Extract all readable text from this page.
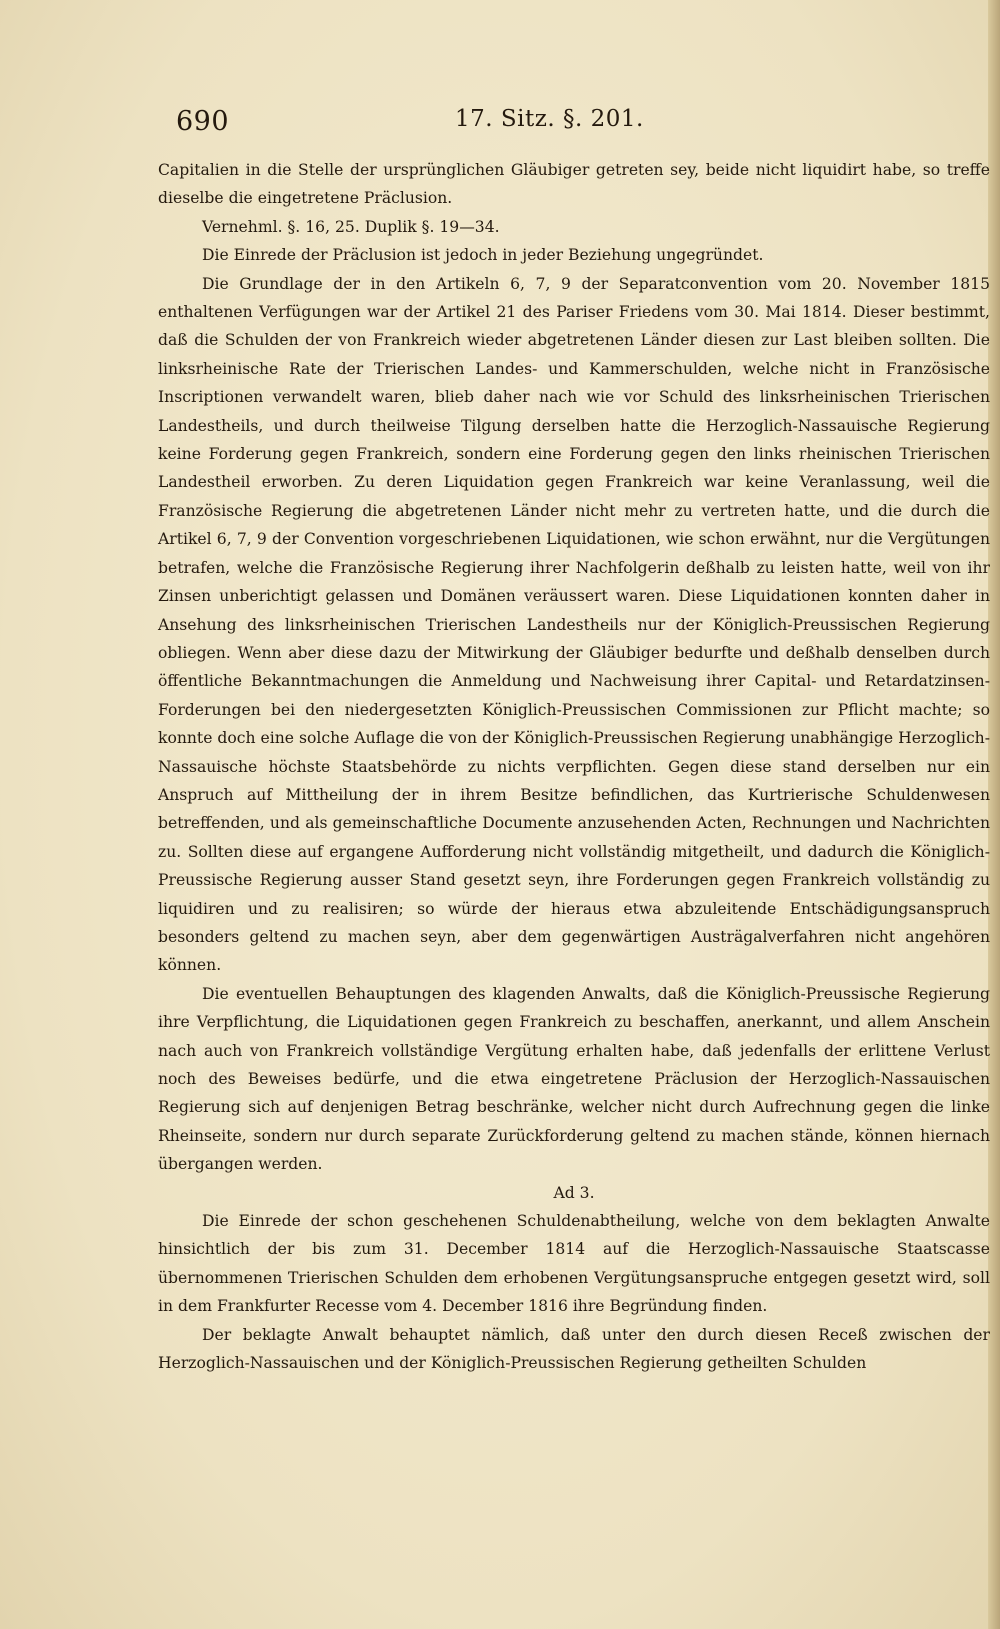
690	17. Sitz. §. 201.

Capitalien in die Stelle der ursprünglichen Gläubiger getreten sey, beide nicht liquidirt habe, so treffe dieselbe die eingetretene Präclusion.

Vernehml. §. 16, 25. Duplik §. 19—34.

Die Einrede der Präclusion ist jedoch in jeder Beziehung ungegründet.

Die Grundlage der in den Artikeln 6, 7, 9 der Separatconvention vom 20. November 1815 enthaltenen Verfügungen war der Artikel 21 des Pariser Friedens vom 30. Mai 1814. Dieser bestimmt, daß die Schulden der von Frankreich wieder abgetretenen Länder diesen zur Last bleiben sollten. Die linksrheinische Rate der Trierischen Landes- und Kammerschulden, welche nicht in Französische Inscriptionen verwandelt waren, blieb daher nach wie vor Schuld des linksrheinischen Trierischen Landestheils, und durch theilweise Tilgung derselben hatte die Herzoglich-Nassauische Regierung keine Forderung gegen Frankreich, sondern eine Forderung gegen den links rheinischen Trierischen Landestheil erworben. Zu deren Liquidation gegen Frankreich war keine Veranlassung, weil die Französische Regierung die abgetretenen Länder nicht mehr zu vertreten hatte, und die durch die Artikel 6, 7, 9 der Convention vorgeschriebenen Liquidationen, wie schon erwähnt, nur die Vergütungen betrafen, welche die Französische Regierung ihrer Nachfolgerin deßhalb zu leisten hatte, weil von ihr Zinsen unberichtigt gelassen und Domänen veräussert waren. Diese Liquidationen konnten daher in Ansehung des linksrheinischen Trierischen Landestheils nur der Königlich-Preussischen Regierung obliegen. Wenn aber diese dazu der Mitwirkung der Gläubiger bedurfte und deßhalb denselben durch öffentliche Bekanntmachungen die Anmeldung und Nachweisung ihrer Capital- und Retardatzinsen-Forderungen bei den niedergesetzten Königlich-Preussischen Commissionen zur Pflicht machte; so konnte doch eine solche Auflage die von der Königlich-Preussischen Regierung unabhängige Herzoglich-Nassauische höchste Staatsbehörde zu nichts verpflichten. Gegen diese stand derselben nur ein Anspruch auf Mittheilung der in ihrem Besitze befindlichen, das Kurtrierische Schuldenwesen betreffenden, und als gemeinschaftliche Documente anzusehenden Acten, Rechnungen und Nachrichten zu. Sollten diese auf ergangene Aufforderung nicht vollständig mitgetheilt, und dadurch die Königlich-Preussische Regierung ausser Stand gesetzt seyn, ihre Forderungen gegen Frankreich vollständig zu liquidiren und zu realisiren; so würde der hieraus etwa abzuleitende Entschädigungsanspruch besonders geltend zu machen seyn, aber dem gegenwärtigen Austrägalverfahren nicht angehören können.

Die eventuellen Behauptungen des klagenden Anwalts, daß die Königlich-Preussische Regierung ihre Verpflichtung, die Liquidationen gegen Frankreich zu beschaffen, anerkannt, und allem Anschein nach auch von Frankreich vollständige Vergütung erhalten habe, daß jedenfalls der erlittene Verlust noch des Beweises bedürfe, und die etwa eingetretene Präclusion der Herzoglich-Nassauischen Regierung sich auf denjenigen Betrag beschränke, welcher nicht durch Aufrechnung gegen die linke Rheinseite, sondern nur durch separate Zurückforderung geltend zu machen stände, können hiernach übergangen werden.

Ad 3.

Die Einrede der schon geschehenen Schuldenabtheilung, welche von dem beklagten Anwalte hinsichtlich der bis zum 31. December 1814 auf die Herzoglich-Nassauische Staatscasse übernommenen Trierischen Schulden dem erhobenen Vergütungsanspruche entgegen gesetzt wird, soll in dem Frankfurter Recesse vom 4. December 1816 ihre Begründung finden.

Der beklagte Anwalt behauptet nämlich, daß unter den durch diesen Receß zwischen der Herzoglich-Nassauischen und der Königlich-Preussischen Regierung getheilten Schulden
